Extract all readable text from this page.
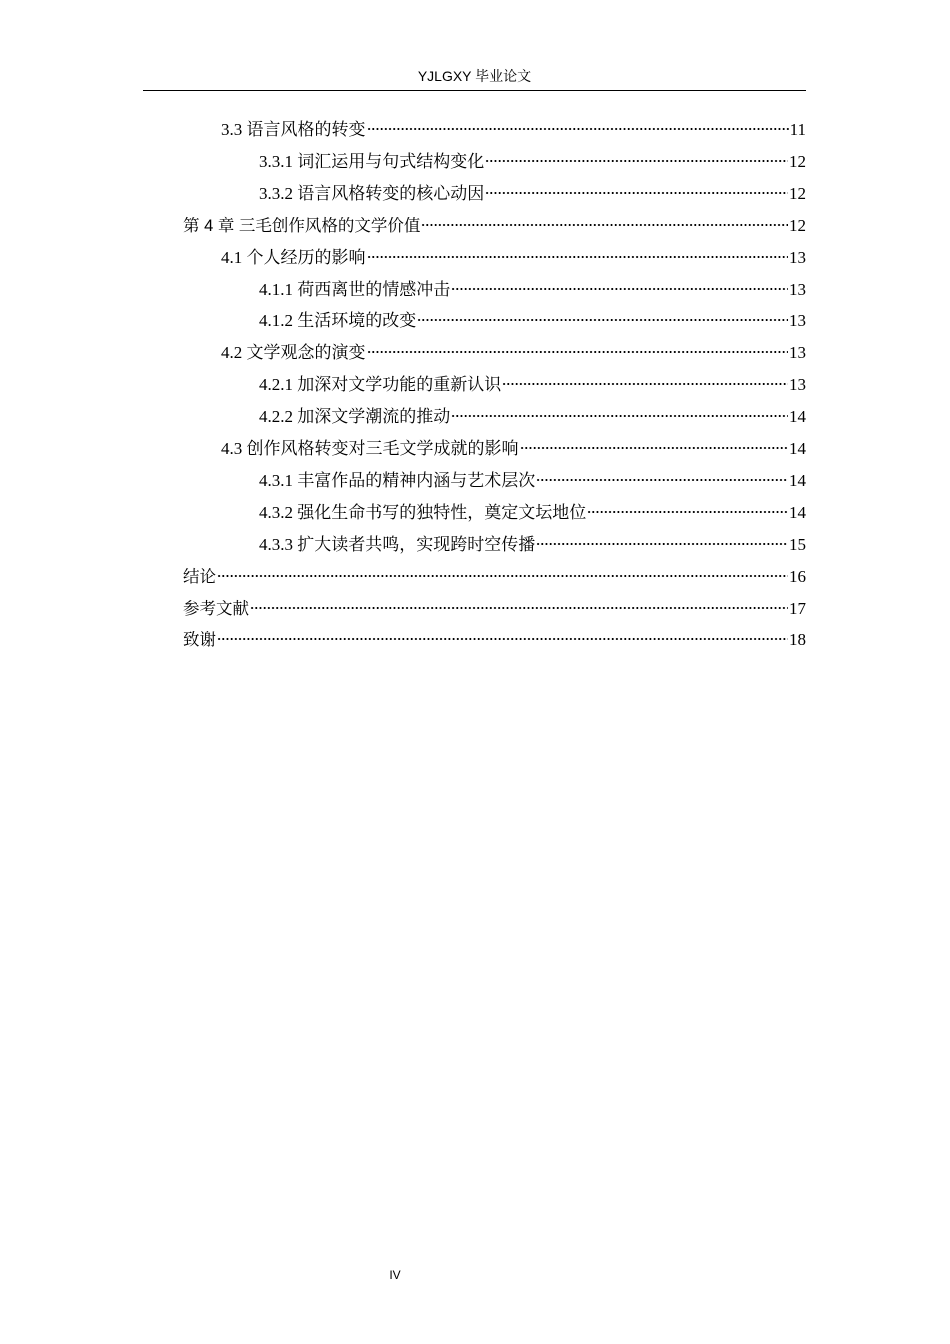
YJLGXY 毕业论文
3.3 语言风格的转变	11
3.3.1 词汇运用与句式结构变化	12
3.3.2 语言风格转变的核心动因	12
第 4 章 三毛创作风格的文学价值	12
4.1 个人经历的影响	13
4.1.1 荷西离世的情感冲击	13
4.1.2 生活环境的改变	13
4.2 文学观念的演变	13
4.2.1 加深对文学功能的重新认识	13
4.2.2 加深文学潮流的推动	14
4.3 创作风格转变对三毛文学成就的影响	14
4.3.1 丰富作品的精神内涵与艺术层次	14
4.3.2 强化生命书写的独特性，奠定文坛地位	14
4.3.3 扩大读者共鸣，实现跨时空传播	15
结论	16
参考文献	17
致谢	18
IV
